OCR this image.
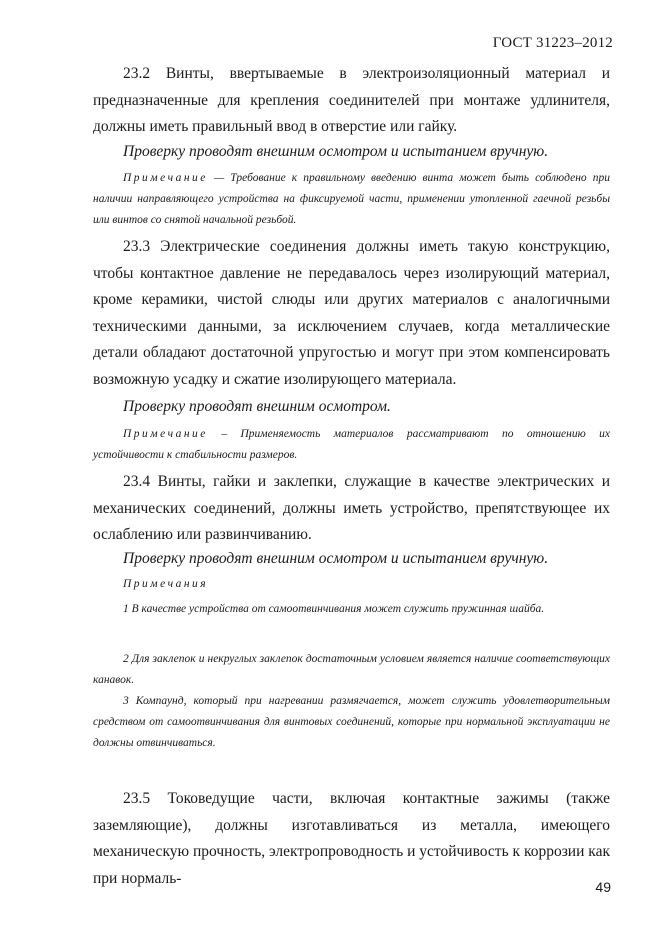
ГОСТ 31223–2012

23.2 Винты, ввертываемые в электроизоляционный материал и предназначенные для крепления соединителей при монтаже удлинителя, должны иметь правильный ввод в отверстие или гайку.

Проверку проводят внешним осмотром и испытанием вручную.

Примечание — Требование к правильному введению винта может быть соблюдено при наличии направляющего устройства на фиксируемой части, применении утопленной гаечной резьбы или винтов со снятой начальной резьбой.

23.3 Электрические соединения должны иметь такую конструкцию, чтобы контактное давление не передавалось через изолирующий материал, кроме керамики, чистой слюды или других материалов с аналогичными техническими данными, за исключением случаев, когда металлические детали обладают достаточной упругостью и могут при этом компенсировать возможную усадку и сжатие изолирующего материала.

Проверку проводят внешним осмотром.

Примечание – Применяемость материалов рассматривают по отношению их устойчивости к стабильности размеров.

23.4 Винты, гайки и заклепки, служащие в качестве электрических и механических соединений, должны иметь устройство, препятствующее их ослаблению или развинчиванию.

Проверку проводят внешним осмотром и испытанием вручную.

Примечания

1 В качестве устройства от самоотвинчивания может служить пружинная шайба.

2 Для заклепок и некруглых заклепок достаточным условием является наличие соответствующих канавок.

3 Компаунд, который при нагревании размягчается, может служить удовлетворительным средством от самоотвинчивания для винтовых соединений, которые при нормальной эксплуатации не должны отвинчиваться.

23.5 Токоведущие части, включая контактные зажимы (также заземляющие), должны изготавливаться из металла, имеющего механическую прочность, электропроводность и устойчивость к коррозии как при нормаль-

49
